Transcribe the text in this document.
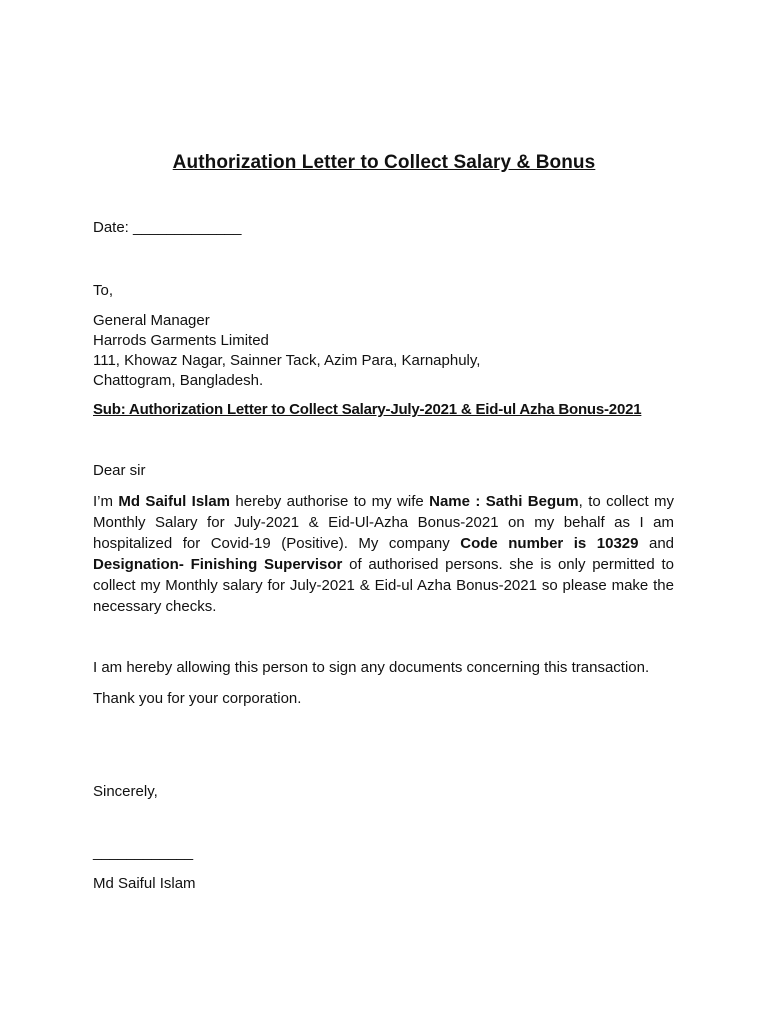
Authorization Letter to Collect Salary & Bonus
Date: _____________
To,
General Manager
Harrods Garments Limited
111, Khowaz Nagar, Sainner Tack, Azim Para, Karnaphuly,
Chattogram, Bangladesh.
Sub: Authorization Letter to Collect Salary-July-2021 & Eid-ul Azha Bonus-2021
Dear sir
I’m Md Saiful Islam hereby authorise to my wife Name : Sathi Begum, to collect my Monthly Salary for July-2021 & Eid-Ul-Azha Bonus-2021 on my behalf as I am hospitalized for Covid-19 (Positive). My company Code number is 10329 and Designation- Finishing Supervisor of authorised persons. she is only permitted to collect my Monthly salary for July-2021 & Eid-ul Azha Bonus-2021 so please make the necessary checks.
I am hereby allowing this person to sign any documents concerning this transaction.
Thank you for your corporation.
Sincerely,
____________
Md Saiful Islam
